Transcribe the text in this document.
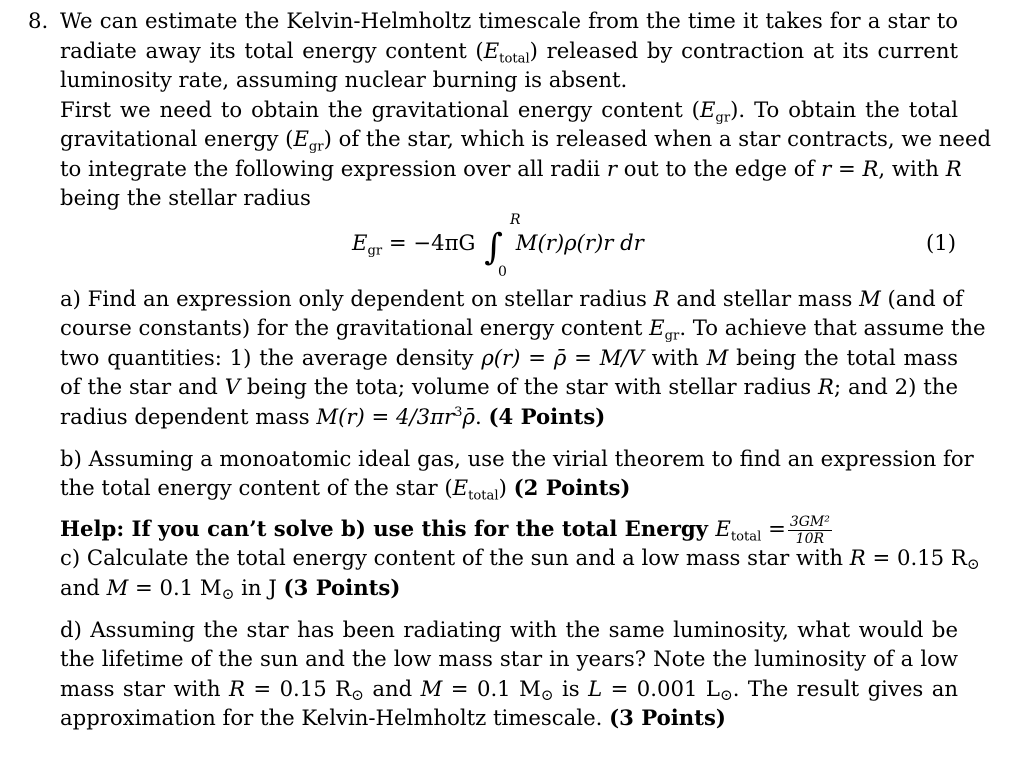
8. We can estimate the Kelvin-Helmholtz timescale from the time it takes for a star to
radiate away its total energy content $(E_{total})$ released by contraction at its current
luminosity rate, assuming nuclear burning is absent.
First we need to obtain the gravitational energy content $(E_{gr})$. To obtain the total
gravitational energy $(E_{gr})$ of the star, which is released when a star contracts, we need
to integrate the following expression over all radii r out to the edge of r = R, with R
being the stellar radius
$E_{gr} = -4\pi G$ ∫ M(r)ρ(r)r dr
R
0
(1)
a) Find an expression only dependent on stellar radius R and stellar mass M (and of
course constants) for the gravitational energy content $E_{gr}$. To achieve that assume the
two quantities: 1) the average density ρ(r) = ρ̄ = M/V with M being the total mass
of the star and V being the tota; volume of the star with stellar radius R; and 2) the
radius dependent mass $M(r) = 4/3\pi r^3\rhō$. (4 Points)
b) Assuming a monoatomic ideal gas, use the virial theorem to find an expression for
the total energy content of the star $(E_{total})$ (2 Points)
Help: If you can’t solve b) use this for the total Energy $E_{total} = \frac{\text{3GM²}}{10R}$
c) Calculate the total energy content of the sun and a low mass star with R = 0.15 $R_⊙$
and M = 0.1 $M_⊙$ in J (3 Points)
d) Assuming the star has been radiating with the same luminosity, what would be
the lifetime of the sun and the low mass star in years? Note the luminosity of a low
mass star with R = 0.15 $R_⊙$ and M = 0.1 $M_⊙$ is L = 0.001 $L_⊙$. The result gives an
approximation for the Kelvin-Helmholtz timescale. (3 Points)
